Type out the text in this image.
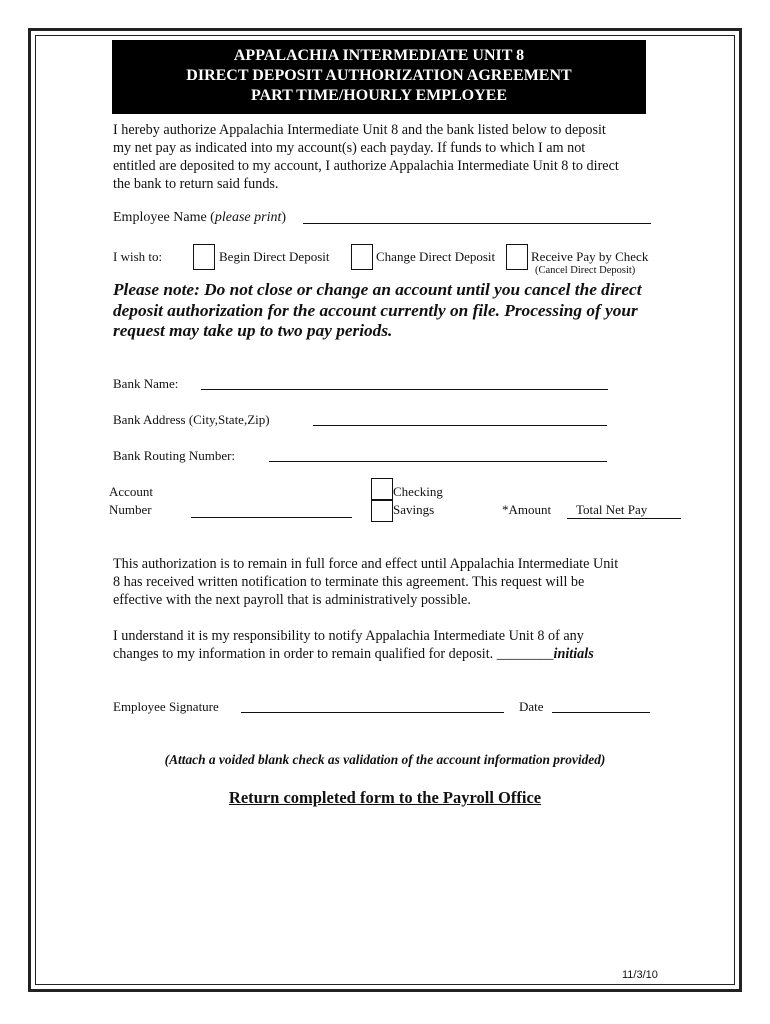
APPALACHIA INTERMEDIATE UNIT 8
DIRECT DEPOSIT AUTHORIZATION AGREEMENT
PART TIME/HOURLY EMPLOYEE
I hereby authorize Appalachia Intermediate Unit 8 and the bank listed below to deposit
my net pay as indicated into my account(s) each payday. If funds to which I am not
entitled are deposited to my account, I authorize Appalachia Intermediate Unit 8 to direct
the bank to return said funds.
Employee Name (please print)
I wish to:	Begin Direct Deposit	Change Direct Deposit	Receive Pay by Check
(Cancel Direct Deposit)
Please note: Do not close or change an account until you cancel the direct
deposit authorization for the account currently on file. Processing of your
request may take up to two pay periods.
Bank Name:
Bank Address (City,State,Zip)
Bank Routing Number:
Account
Number
Checking
Savings	*Amount	Total Net Pay
This authorization is to remain in full force and effect until Appalachia Intermediate Unit
8 has received written notification to terminate this agreement. This request will be
effective with the next payroll that is administratively possible.
I understand it is my responsibility to notify Appalachia Intermediate Unit 8 of any
changes to my information in order to remain qualified for deposit. ________initials
Employee Signature	Date
(Attach a voided blank check as validation of the account information provided)
Return completed form to the Payroll Office
11/3/10
